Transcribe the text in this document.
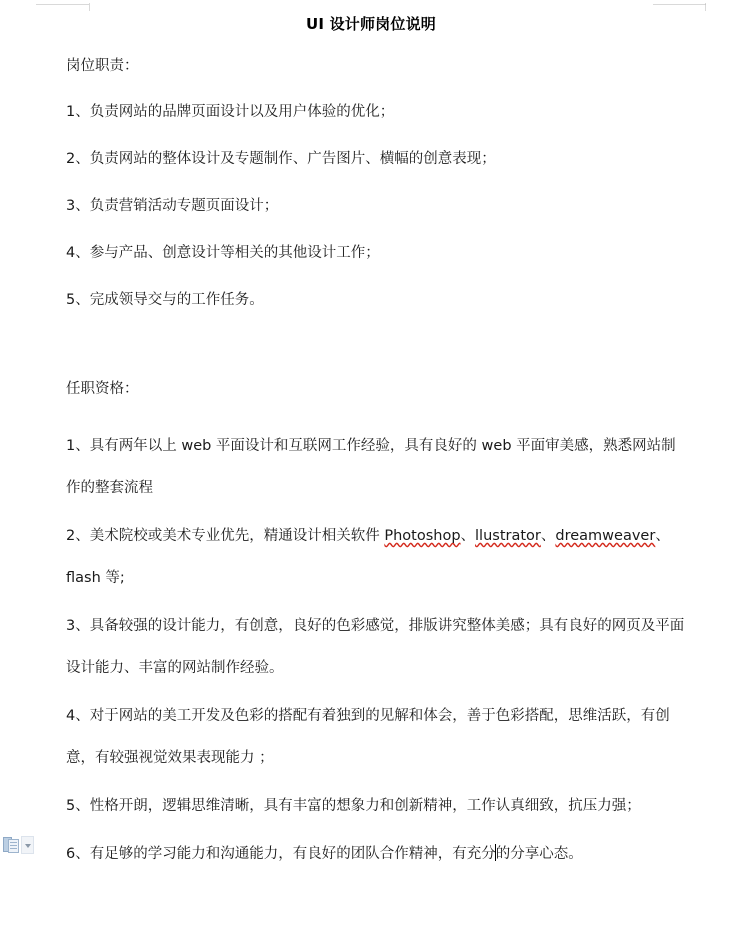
UI 设计师岗位说明

岗位职责：

1、负责网站的品牌页面设计以及用户体验的优化；

2、负责网站的整体设计及专题制作、广告图片、横幅的创意表现；

3、负责营销活动专题页面设计；

4、参与产品、创意设计等相关的其他设计工作；

5、完成领导交与的工作任务。

任职资格：

1、具有两年以上 web 平面设计和互联网工作经验，具有良好的 web 平面审美感，熟悉网站制作的整套流程

2、美术院校或美术专业优先，精通设计相关软件 Photoshop、llustrator、dreamweaver、flash 等;

3、具备较强的设计能力，有创意，良好的色彩感觉，排版讲究整体美感；具有良好的网页及平面设计能力、丰富的网站制作经验。

4、对于网站的美工开发及色彩的搭配有着独到的见解和体会，善于色彩搭配，思维活跃，有创意，有较强视觉效果表现能力 ；

5、性格开朗，逻辑思维清晰，具有丰富的想象力和创新精神，工作认真细致，抗压力强；

6、有足够的学习能力和沟通能力，有良好的团队合作精神，有充分的分享心态。
